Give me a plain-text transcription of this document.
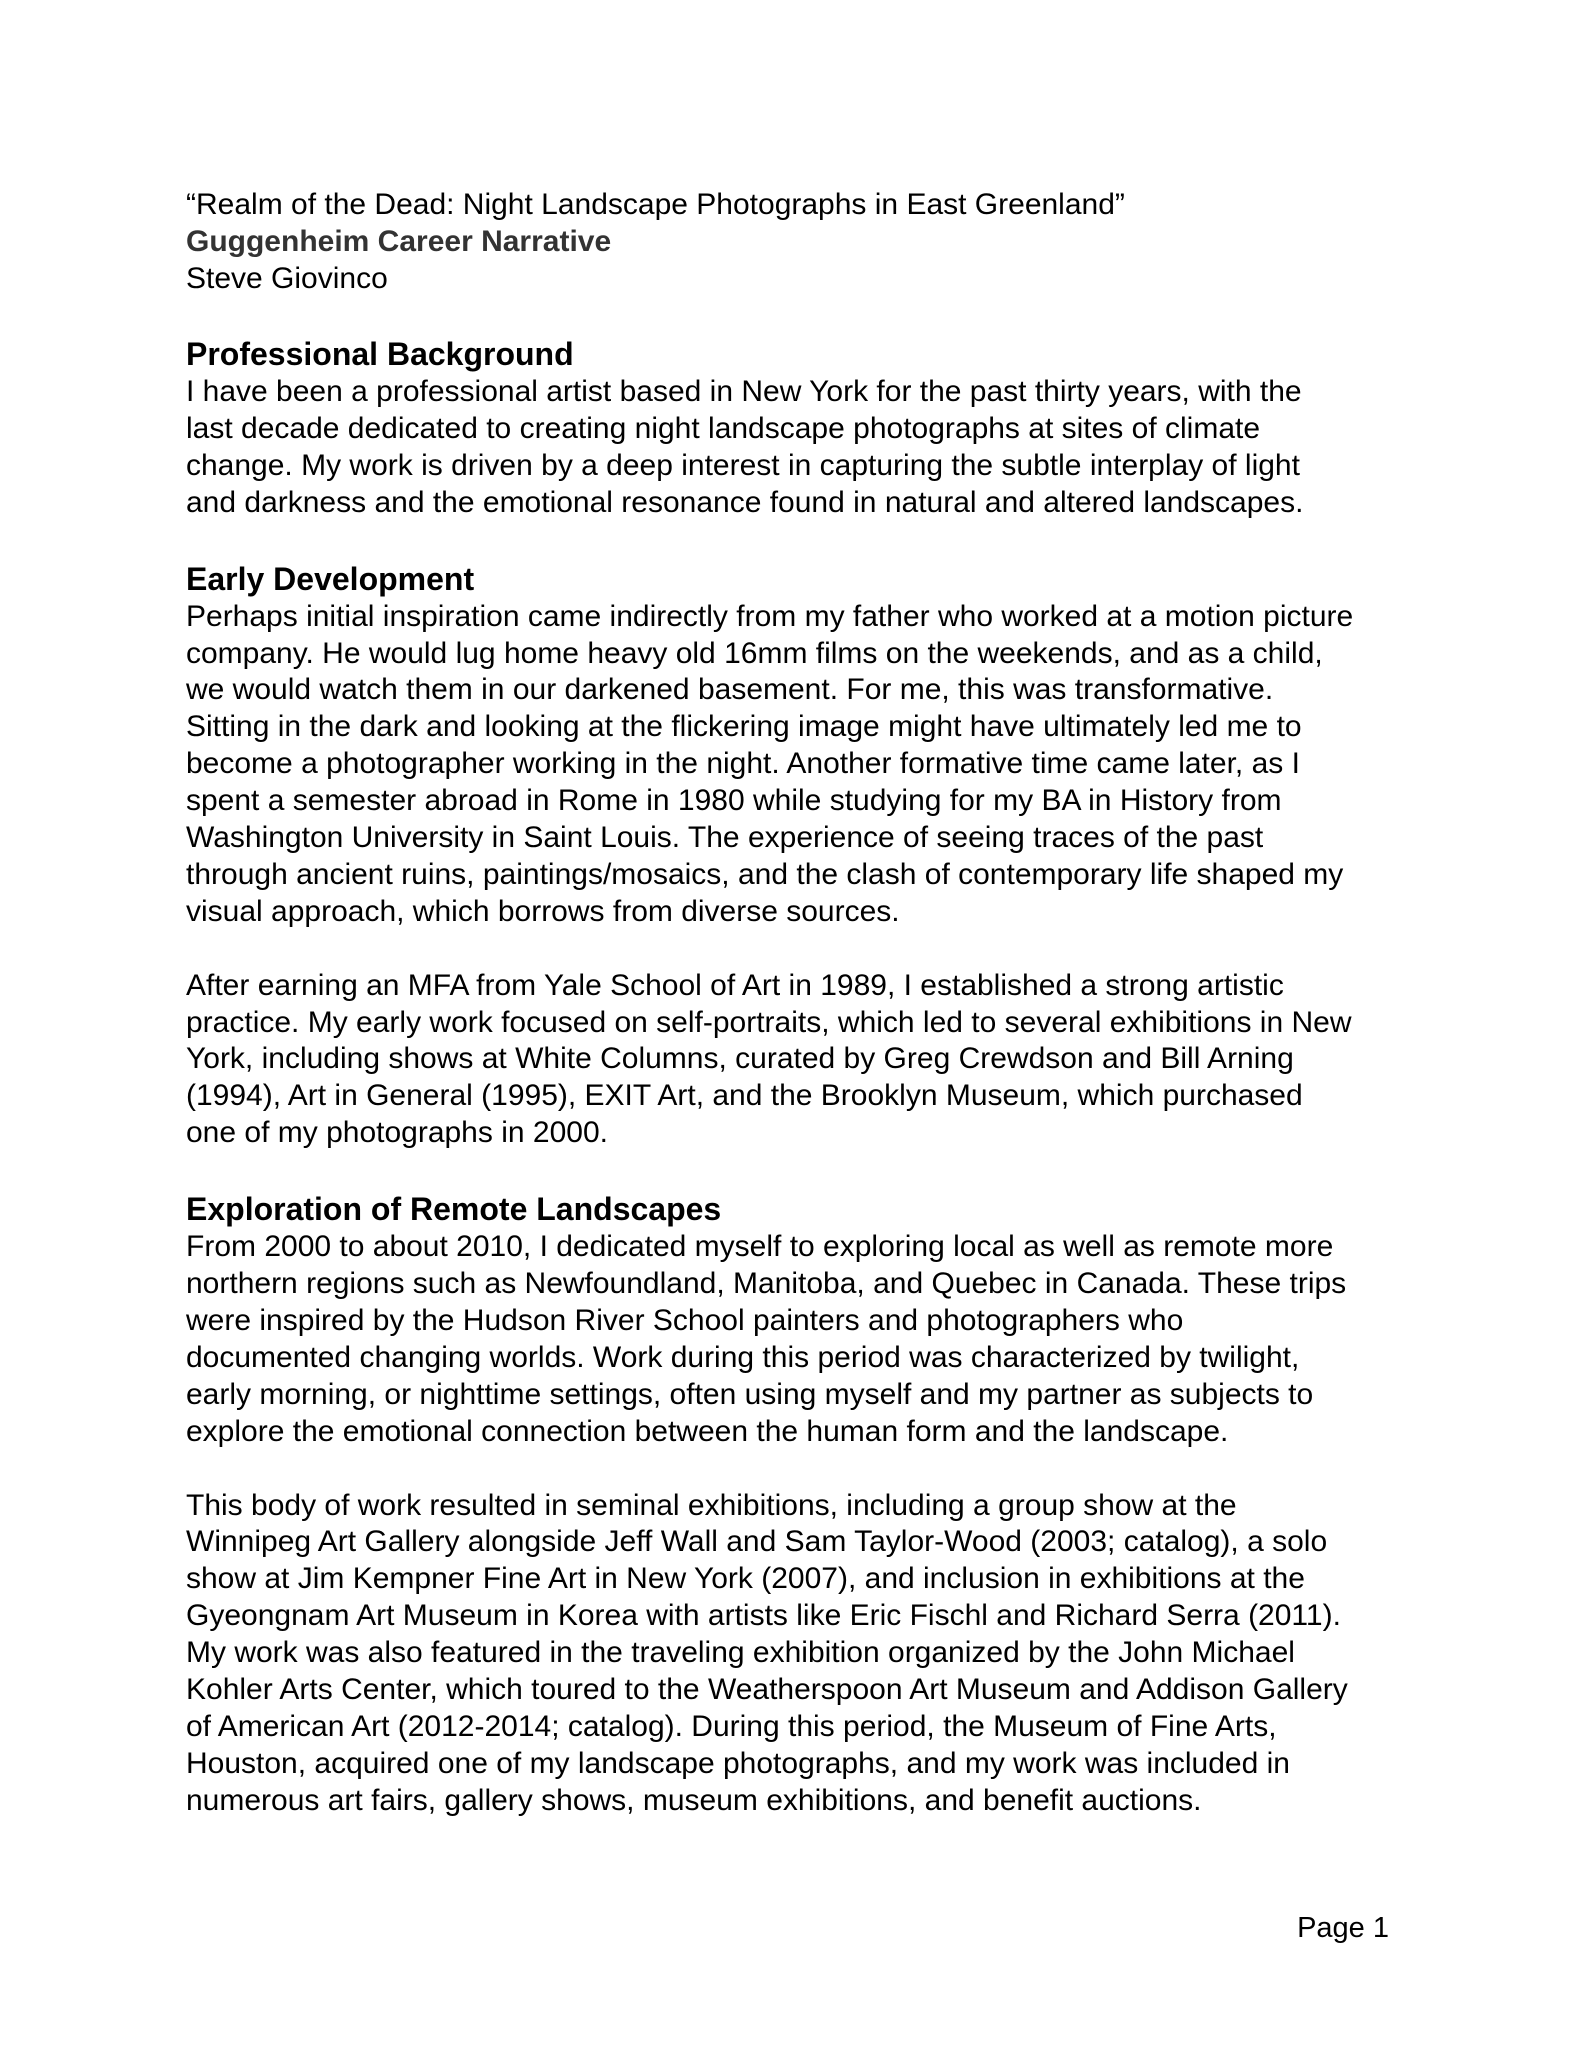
“Realm of the Dead: Night Landscape Photographs in East Greenland”

Guggenheim Career Narrative

Steve Giovinco

Professional Background

I have been a professional artist based in New York for the past thirty years, with the
last decade dedicated to creating night landscape photographs at sites of climate
change. My work is driven by a deep interest in capturing the subtle interplay of light
and darkness and the emotional resonance found in natural and altered landscapes.

Early Development

Perhaps initial inspiration came indirectly from my father who worked at a motion picture
company. He would lug home heavy old 16mm films on the weekends, and as a child,
we would watch them in our darkened basement. For me, this was transformative.
Sitting in the dark and looking at the flickering image might have ultimately led me to
become a photographer working in the night. Another formative time came later, as I
spent a semester abroad in Rome in 1980 while studying for my BA in History from
Washington University in Saint Louis. The experience of seeing traces of the past
through ancient ruins, paintings/mosaics, and the clash of contemporary life shaped my
visual approach, which borrows from diverse sources.

After earning an MFA from Yale School of Art in 1989, I established a strong artistic
practice. My early work focused on self-portraits, which led to several exhibitions in New
York, including shows at White Columns, curated by Greg Crewdson and Bill Arning
(1994), Art in General (1995), EXIT Art, and the Brooklyn Museum, which purchased
one of my photographs in 2000.

Exploration of Remote Landscapes

From 2000 to about 2010, I dedicated myself to exploring local as well as remote more
northern regions such as Newfoundland, Manitoba, and Quebec in Canada. These trips
were inspired by the Hudson River School painters and photographers who
documented changing worlds. Work during this period was characterized by twilight,
early morning, or nighttime settings, often using myself and my partner as subjects to
explore the emotional connection between the human form and the landscape.

This body of work resulted in seminal exhibitions, including a group show at the
Winnipeg Art Gallery alongside Jeff Wall and Sam Taylor-Wood (2003; catalog), a solo
show at Jim Kempner Fine Art in New York (2007), and inclusion in exhibitions at the
Gyeongnam Art Museum in Korea with artists like Eric Fischl and Richard Serra (2011).
My work was also featured in the traveling exhibition organized by the John Michael
Kohler Arts Center, which toured to the Weatherspoon Art Museum and Addison Gallery
of American Art (2012-2014; catalog). During this period, the Museum of Fine Arts,
Houston, acquired one of my landscape photographs, and my work was included in
numerous art fairs, gallery shows, museum exhibitions, and benefit auctions.

Page 1
